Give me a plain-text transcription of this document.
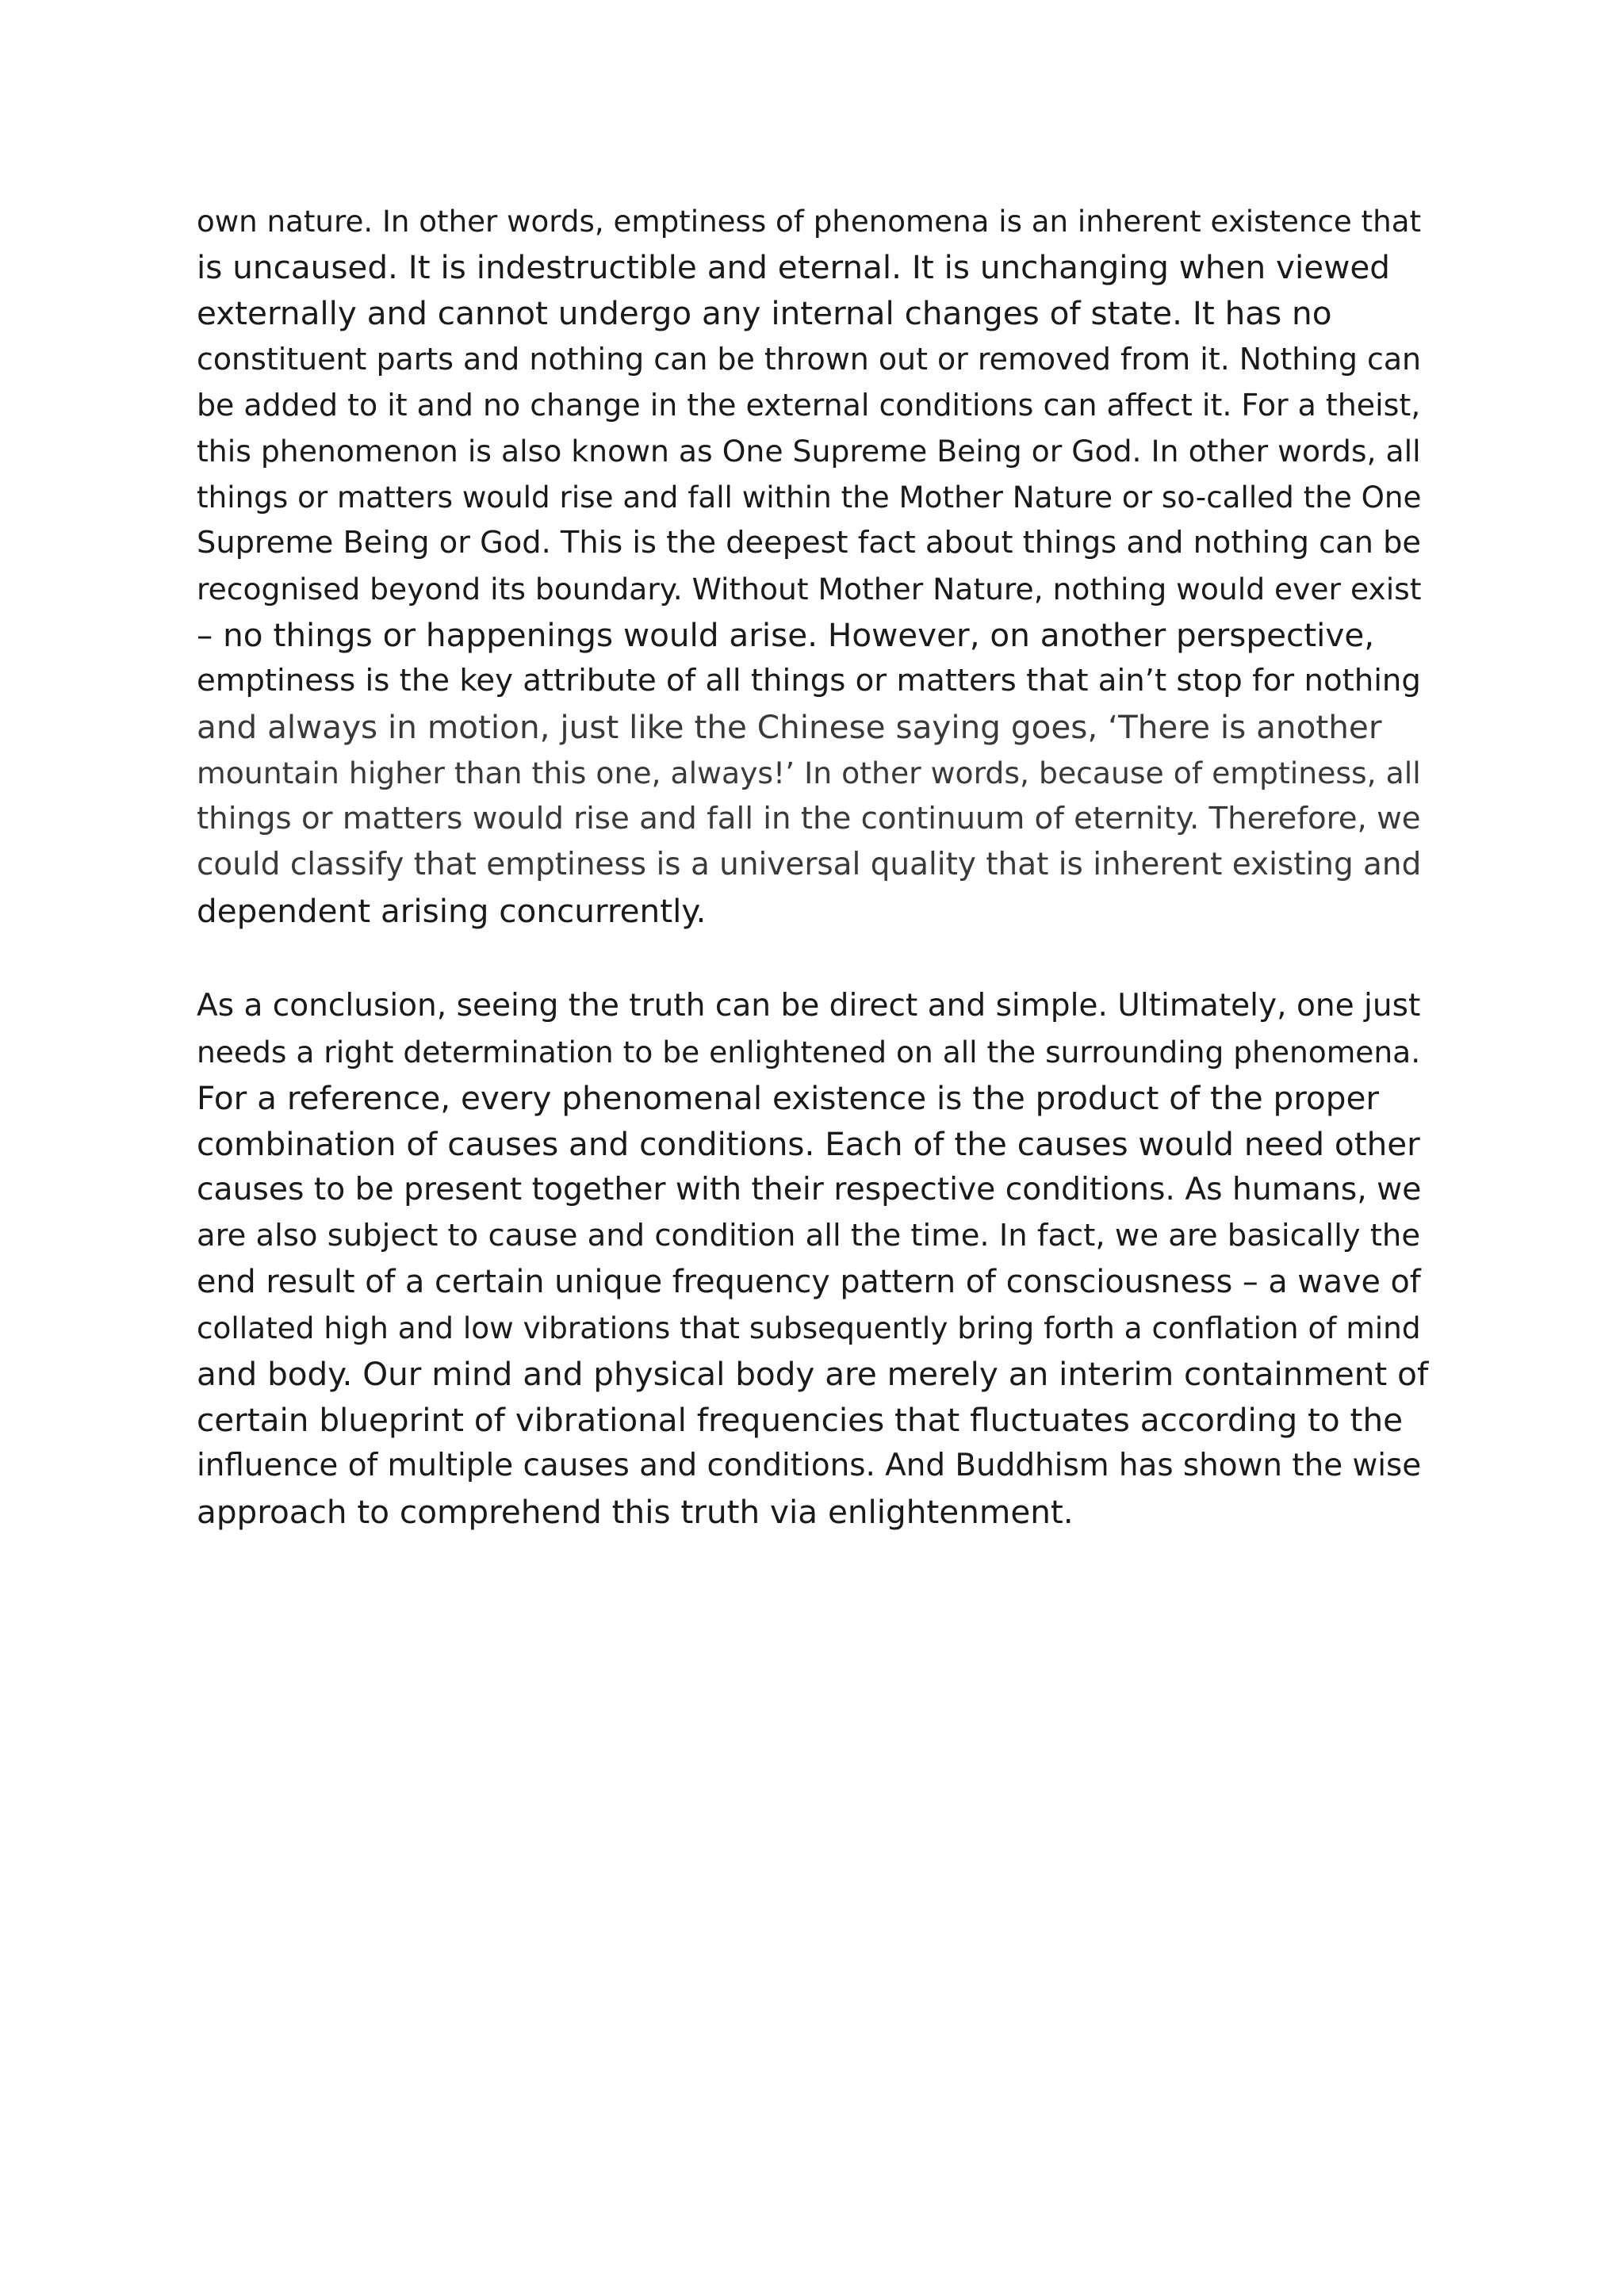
own nature. In other words, emptiness of phenomena is an inherent existence that
is uncaused. It is indestructible and eternal. It is unchanging when viewed
externally and cannot undergo any internal changes of state. It has no
constituent parts and nothing can be thrown out or removed from it. Nothing can
be added to it and no change in the external conditions can affect it. For a theist,
this phenomenon is also known as One Supreme Being or God. In other words, all
things or matters would rise and fall within the Mother Nature or so-called the One
Supreme Being or God. This is the deepest fact about things and nothing can be
recognised beyond its boundary. Without Mother Nature, nothing would ever exist
– no things or happenings would arise. However, on another perspective,
emptiness is the key attribute of all things or matters that ain’t stop for nothing
and always in motion, just like the Chinese saying goes, ‘There is another
mountain higher than this one, always!’ In other words, because of emptiness, all
things or matters would rise and fall in the continuum of eternity. Therefore, we
could classify that emptiness is a universal quality that is inherent existing and
dependent arising concurrently.
As a conclusion, seeing the truth can be direct and simple. Ultimately, one just
needs a right determination to be enlightened on all the surrounding phenomena.
For a reference, every phenomenal existence is the product of the proper
combination of causes and conditions. Each of the causes would need other
causes to be present together with their respective conditions. As humans, we
are also subject to cause and condition all the time. In fact, we are basically the
end result of a certain unique frequency pattern of consciousness – a wave of
collated high and low vibrations that subsequently bring forth a conflation of mind
and body. Our mind and physical body are merely an interim containment of
certain blueprint of vibrational frequencies that fluctuates according to the
influence of multiple causes and conditions. And Buddhism has shown the wise
approach to comprehend this truth via enlightenment.
